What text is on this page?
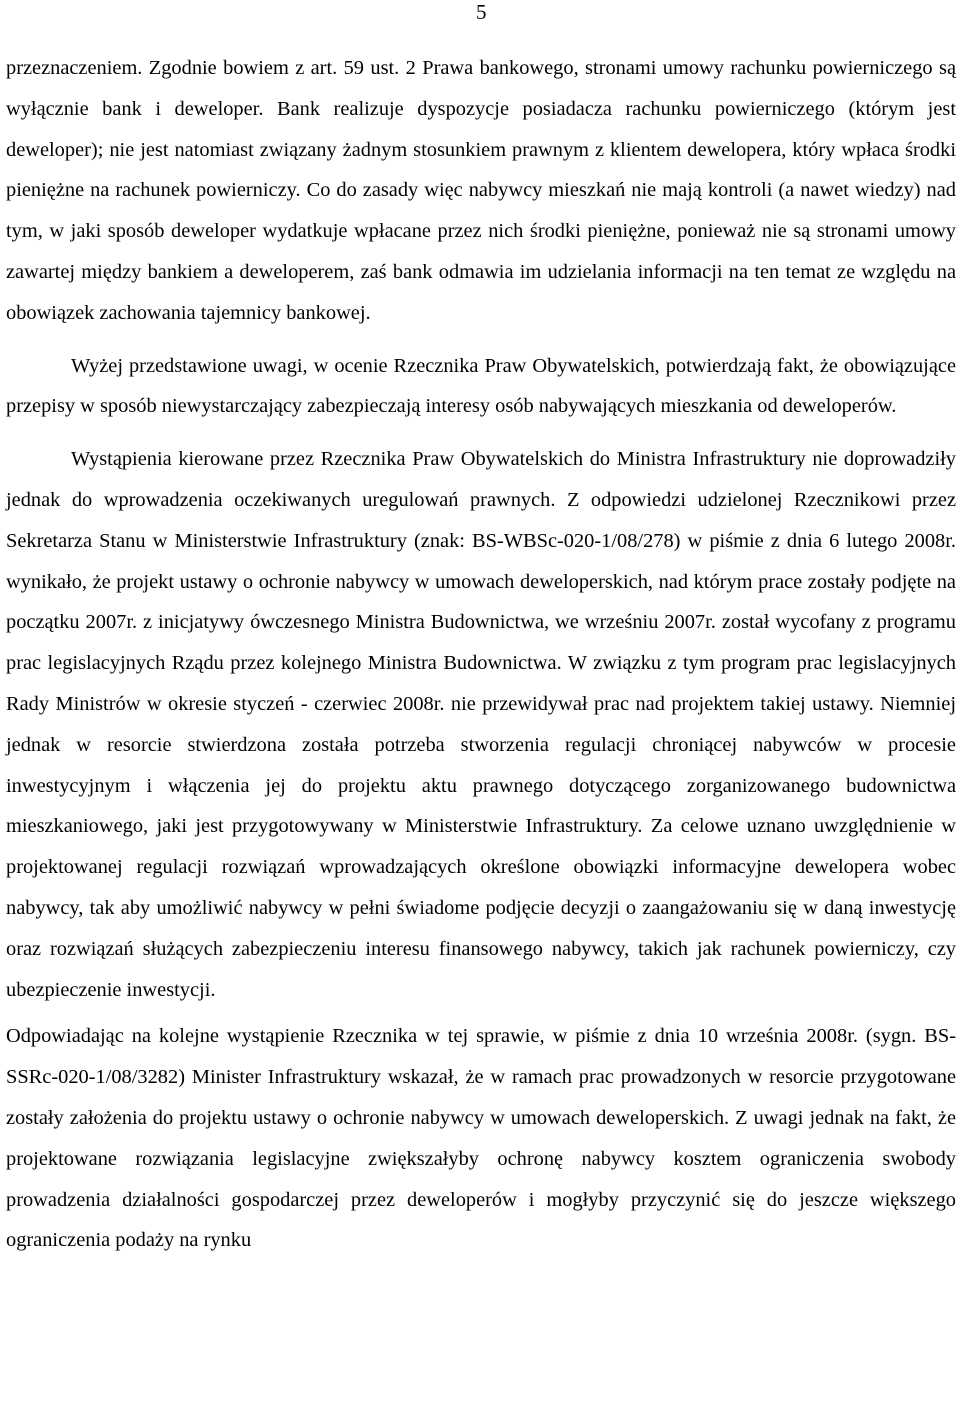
5

przeznaczeniem. Zgodnie bowiem z art. 59 ust. 2 Prawa bankowego, stronami umowy rachunku powierniczego są wyłącznie bank i deweloper. Bank realizuje dyspozycje posiadacza rachunku powierniczego (którym jest deweloper); nie jest natomiast związany żadnym stosunkiem prawnym z klientem dewelopera, który wpłaca środki pieniężne na rachunek powierniczy. Co do zasady więc nabywcy mieszkań nie mają kontroli (a nawet wiedzy) nad tym, w jaki sposób deweloper wydatkuje wpłacane przez nich środki pieniężne, ponieważ nie są stronami umowy zawartej między bankiem a deweloperem, zaś bank odmawia im udzielania informacji na ten temat ze względu na obowiązek zachowania tajemnicy bankowej.

Wyżej przedstawione uwagi, w ocenie Rzecznika Praw Obywatelskich, potwierdzają fakt, że obowiązujące przepisy w sposób niewystarczający zabezpieczają interesy osób nabywających mieszkania od deweloperów.

Wystąpienia kierowane przez Rzecznika Praw Obywatelskich do Ministra Infrastruktury nie doprowadziły jednak do wprowadzenia oczekiwanych uregulowań prawnych. Z odpowiedzi udzielonej Rzecznikowi przez Sekretarza Stanu w Ministerstwie Infrastruktury (znak: BS-WBSc-020-1/08/278) w piśmie z dnia 6 lutego 2008r. wynikało, że projekt ustawy o ochronie nabywcy w umowach deweloperskich, nad którym prace zostały podjęte na początku 2007r. z inicjatywy ówczesnego Ministra Budownictwa, we wrześniu 2007r. został wycofany z programu prac legislacyjnych Rządu przez kolejnego Ministra Budownictwa. W związku z tym program prac legislacyjnych Rady Ministrów w okresie styczeń - czerwiec 2008r. nie przewidywał prac nad projektem takiej ustawy. Niemniej jednak w resorcie stwierdzona została potrzeba stworzenia regulacji chroniącej nabywców w procesie inwestycyjnym i włączenia jej do projektu aktu prawnego dotyczącego zorganizowanego budownictwa mieszkaniowego, jaki jest przygotowywany w Ministerstwie Infrastruktury. Za celowe uznano uwzględnienie w projektowanej regulacji rozwiązań wprowadzających określone obowiązki informacyjne dewelopera wobec nabywcy, tak aby umożliwić nabywcy w pełni świadome podjęcie decyzji o zaangażowaniu się w daną inwestycję oraz rozwiązań służących zabezpieczeniu interesu finansowego nabywcy, takich jak rachunek powierniczy, czy ubezpieczenie inwestycji.

Odpowiadając na kolejne wystąpienie Rzecznika w tej sprawie, w piśmie z dnia 10 września 2008r. (sygn. BS-SSRc-020-1/08/3282) Minister Infrastruktury wskazał, że w ramach prac prowadzonych w resorcie przygotowane zostały założenia do projektu ustawy o ochronie nabywcy w umowach deweloperskich. Z uwagi jednak na fakt, że projektowane rozwiązania legislacyjne zwiększałyby ochronę nabywcy kosztem ograniczenia swobody prowadzenia działalności gospodarczej przez deweloperów i mogłyby przyczynić się do jeszcze większego ograniczenia podaży na rynku
